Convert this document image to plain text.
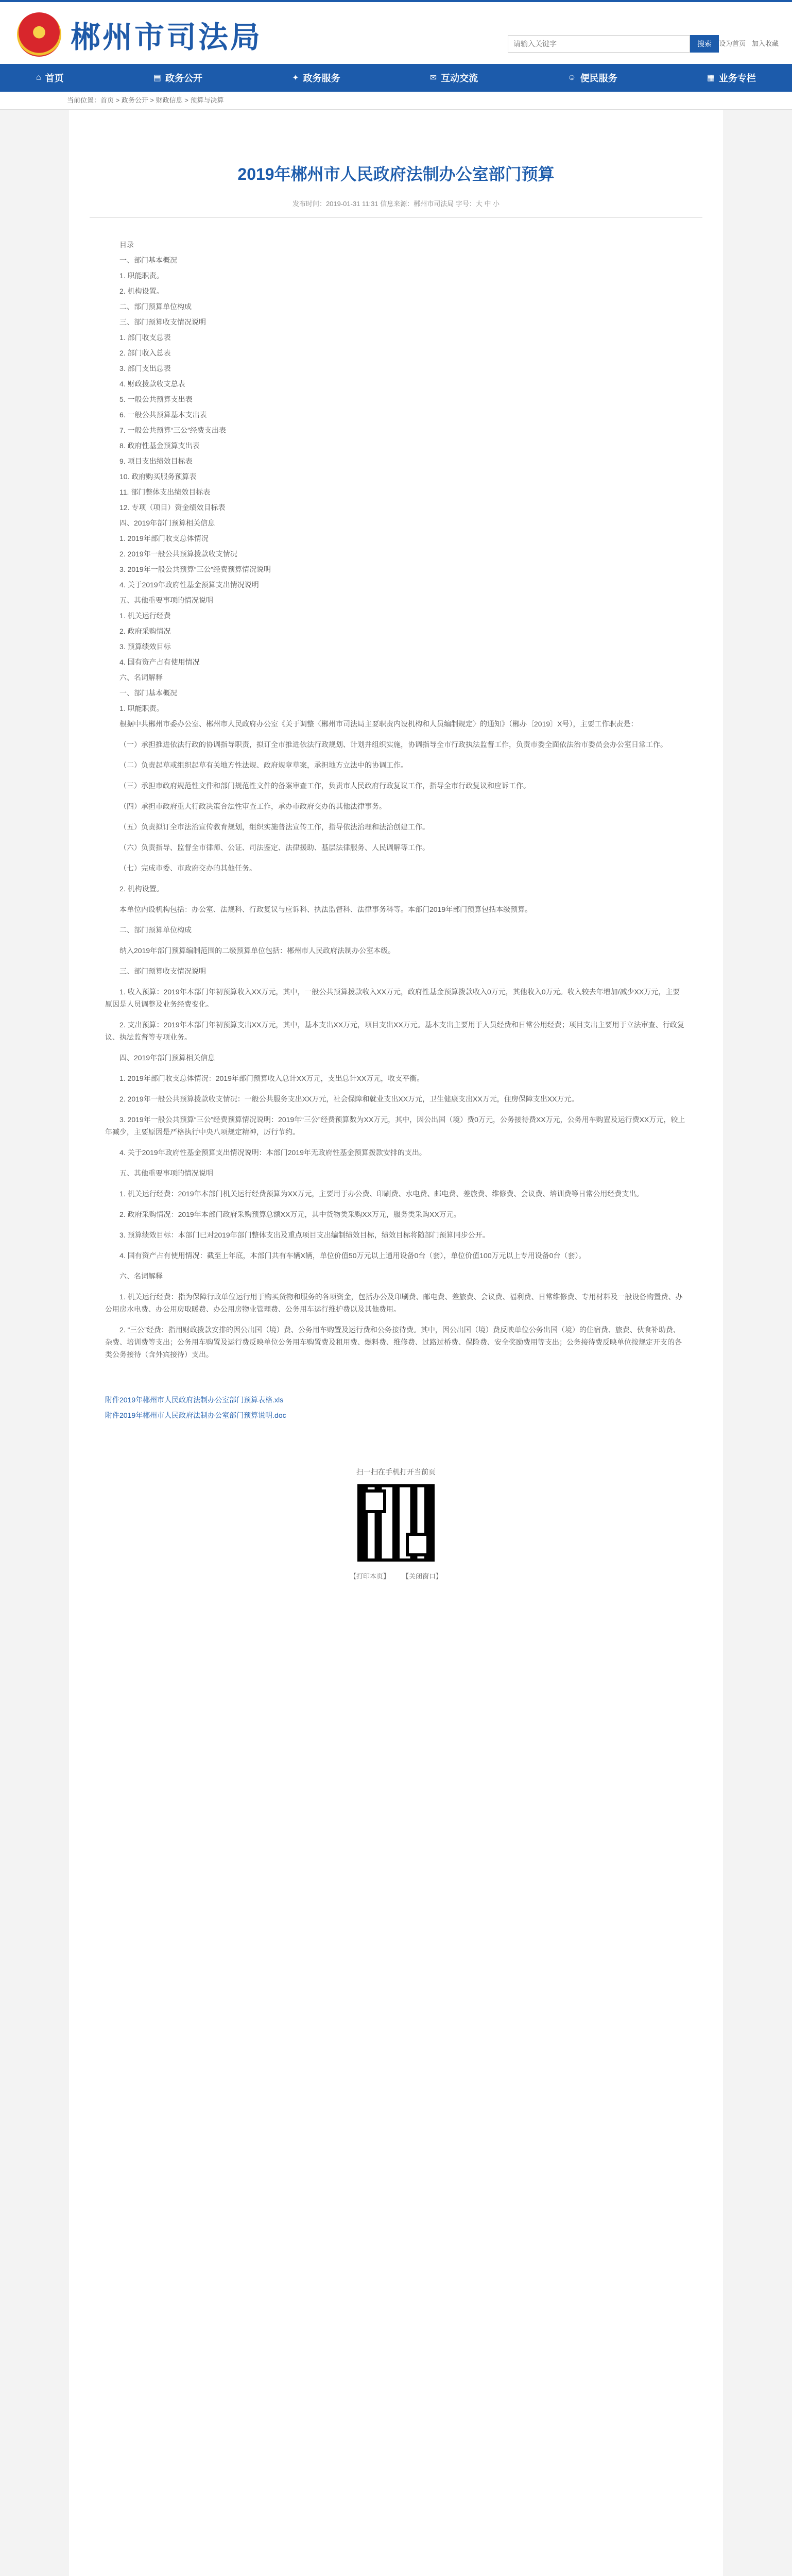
郴州市司法局	设为首页 加入收藏
请输入关键字
搜索
⌂ 首页	▤ 政务公开	✦ 政务服务	✉ 互动交流	☺ 便民服务	▦ 业务专栏
当前位置：首页 > 政务公开 > 财政信息 > 预算与决算
2019年郴州市人民政府法制办公室部门预算
发布时间：2019-01-31 11:31 信息来源：郴州市司法局 字号：大 中 小

目录

一、部门基本概况

1. 职能职责。

2. 机构设置。

二、部门预算单位构成

三、部门预算收支情况说明

1. 部门收支总表

2. 部门收入总表

3. 部门支出总表

4. 财政拨款收支总表

5. 一般公共预算支出表

6. 一般公共预算基本支出表

7. 一般公共预算“三公”经费支出表

8. 政府性基金预算支出表

9. 项目支出绩效目标表

10. 政府购买服务预算表

11. 部门整体支出绩效目标表

12. 专项（项目）资金绩效目标表

四、2019年部门预算相关信息

1. 2019年部门收支总体情况

2. 2019年一般公共预算拨款收支情况

3. 2019年一般公共预算“三公”经费预算情况说明

4. 关于2019年政府性基金预算支出情况说明

五、其他重要事项的情况说明

1. 机关运行经费

2. 政府采购情况

3. 预算绩效目标

4. 国有资产占有使用情况

六、名词解释

一、部门基本概况

1. 职能职责。

根据中共郴州市委办公室、郴州市人民政府办公室《关于调整〈郴州市司法局主要职责内设机构和人员编制规定〉的通知》（郴办〔2019〕X号），主要工作职责是：

（一）承担推进依法行政的协调指导职责，拟订全市推进依法行政规划、计划并组织实施，协调指导全市行政执法监督工作，负责市委全面依法治市委员会办公室日常工作。

（二）负责起草或组织起草有关地方性法规、政府规章草案，承担地方立法中的协调工作。

（三）承担市政府规范性文件和部门规范性文件的备案审查工作，负责市人民政府行政复议工作，指导全市行政复议和应诉工作。

（四）承担市政府重大行政决策合法性审查工作，承办市政府交办的其他法律事务。

（五）负责拟订全市法治宣传教育规划，组织实施普法宣传工作，指导依法治理和法治创建工作。

（六）负责指导、监督全市律师、公证、司法鉴定、法律援助、基层法律服务、人民调解等工作。

（七）完成市委、市政府交办的其他任务。

2. 机构设置。

本单位内设机构包括：办公室、法规科、行政复议与应诉科、执法监督科、法律事务科等。本部门2019年部门预算包括本级预算。

二、部门预算单位构成

纳入2019年部门预算编制范围的二级预算单位包括：郴州市人民政府法制办公室本级。

三、部门预算收支情况说明

1. 收入预算：2019年本部门年初预算收入XX万元，其中，一般公共预算拨款收入XX万元，政府性基金预算拨款收入0万元，其他收入0万元。收入较去年增加/减少XX万元，主要原因是人员调整及业务经费变化。

2. 支出预算：2019年本部门年初预算支出XX万元，其中，基本支出XX万元，项目支出XX万元。基本支出主要用于人员经费和日常公用经费；项目支出主要用于立法审查、行政复议、执法监督等专项业务。

四、2019年部门预算相关信息

1. 2019年部门收支总体情况：2019年部门预算收入总计XX万元，支出总计XX万元，收支平衡。

2. 2019年一般公共预算拨款收支情况：一般公共服务支出XX万元，社会保障和就业支出XX万元，卫生健康支出XX万元，住房保障支出XX万元。

3. 2019年一般公共预算“三公”经费预算情况说明：2019年“三公”经费预算数为XX万元，其中，因公出国（境）费0万元，公务接待费XX万元，公务用车购置及运行费XX万元，较上年减少，主要原因是严格执行中央八项规定精神，厉行节约。

4. 关于2019年政府性基金预算支出情况说明：本部门2019年无政府性基金预算拨款安排的支出。

五、其他重要事项的情况说明

1. 机关运行经费：2019年本部门机关运行经费预算为XX万元，主要用于办公费、印刷费、水电费、邮电费、差旅费、维修费、会议费、培训费等日常公用经费支出。

2. 政府采购情况：2019年本部门政府采购预算总额XX万元，其中货物类采购XX万元，服务类采购XX万元。

3. 预算绩效目标：本部门已对2019年部门整体支出及重点项目支出编制绩效目标，绩效目标将随部门预算同步公开。

4. 国有资产占有使用情况：截至上年底，本部门共有车辆X辆，单位价值50万元以上通用设备0台（套），单位价值100万元以上专用设备0台（套）。

六、名词解释

1. 机关运行经费：指为保障行政单位运行用于购买货物和服务的各项资金，包括办公及印刷费、邮电费、差旅费、会议费、福利费、日常维修费、专用材料及一般设备购置费、办公用房水电费、办公用房取暖费、办公用房物业管理费、公务用车运行维护费以及其他费用。

2. “三公”经费：指用财政拨款安排的因公出国（境）费、公务用车购置及运行费和公务接待费。其中，因公出国（境）费反映单位公务出国（境）的住宿费、旅费、伙食补助费、杂费、培训费等支出；公务用车购置及运行费反映单位公务用车购置费及租用费、燃料费、维修费、过路过桥费、保险费、安全奖励费用等支出；公务接待费反映单位按规定开支的各类公务接待（含外宾接待）支出。

附件2019年郴州市人民政府法制办公室部门预算表格.xls
附件2019年郴州市人民政府法制办公室部门预算说明.doc
扫一扫在手机打开当前页
【打印本页】 【关闭窗口】
